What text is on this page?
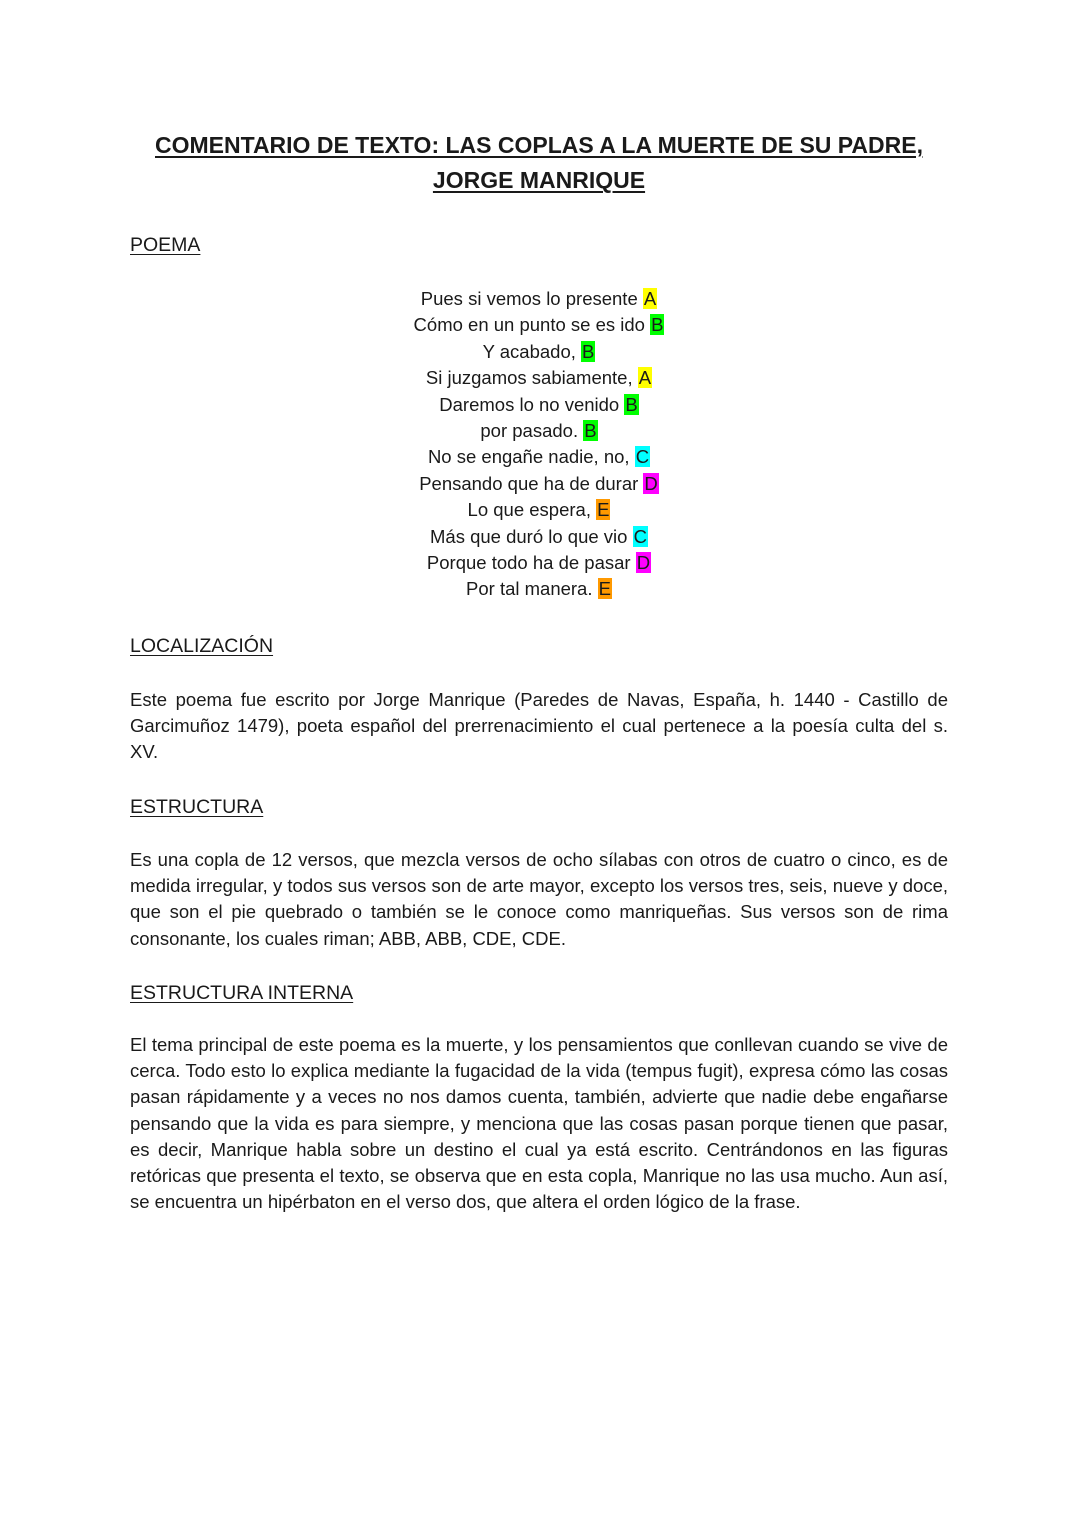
COMENTARIO DE TEXTO: LAS COPLAS A LA MUERTE DE SU PADRE, JORGE MANRIQUE
POEMA
Pues si vemos lo presente A
Cómo en un punto se es ido B
Y acabado, B
Si juzgamos sabiamente, A
Daremos lo no venido B
por pasado. B
No se engañe nadie, no, C
Pensando que ha de durar D
Lo que espera, E
Más que duró lo que vio C
Porque todo ha de pasar D
Por tal manera. E
LOCALIZACIÓN

Este poema fue escrito por Jorge Manrique (Paredes de Navas, España, h. 1440 - Castillo de Garcimuñoz 1479), poeta español del prerrenacimiento el cual pertenece a la poesía culta del s. XV.

ESTRUCTURA

Es una copla de 12 versos, que mezcla versos de ocho sílabas con otros de cuatro o cinco, es de medida irregular, y todos sus versos son de arte mayor, excepto los versos tres, seis, nueve y doce, que son el pie quebrado o también se le conoce como manriqueñas. Sus versos son de rima consonante, los cuales riman; ABB, ABB, CDE, CDE.

ESTRUCTURA INTERNA

El tema principal de este poema es la muerte, y los pensamientos que conllevan cuando se vive de cerca. Todo esto lo explica mediante la fugacidad de la vida (tempus fugit), expresa cómo las cosas pasan rápidamente y a veces no nos damos cuenta, también, advierte que nadie debe engañarse pensando que la vida es para siempre, y menciona que las cosas pasan porque tienen que pasar, es decir, Manrique habla sobre un destino el cual ya está escrito. Centrándonos en las figuras retóricas que presenta el texto, se observa que en esta copla, Manrique no las usa mucho. Aun así, se encuentra un hipérbaton en el verso dos, que altera el orden lógico de la frase.
